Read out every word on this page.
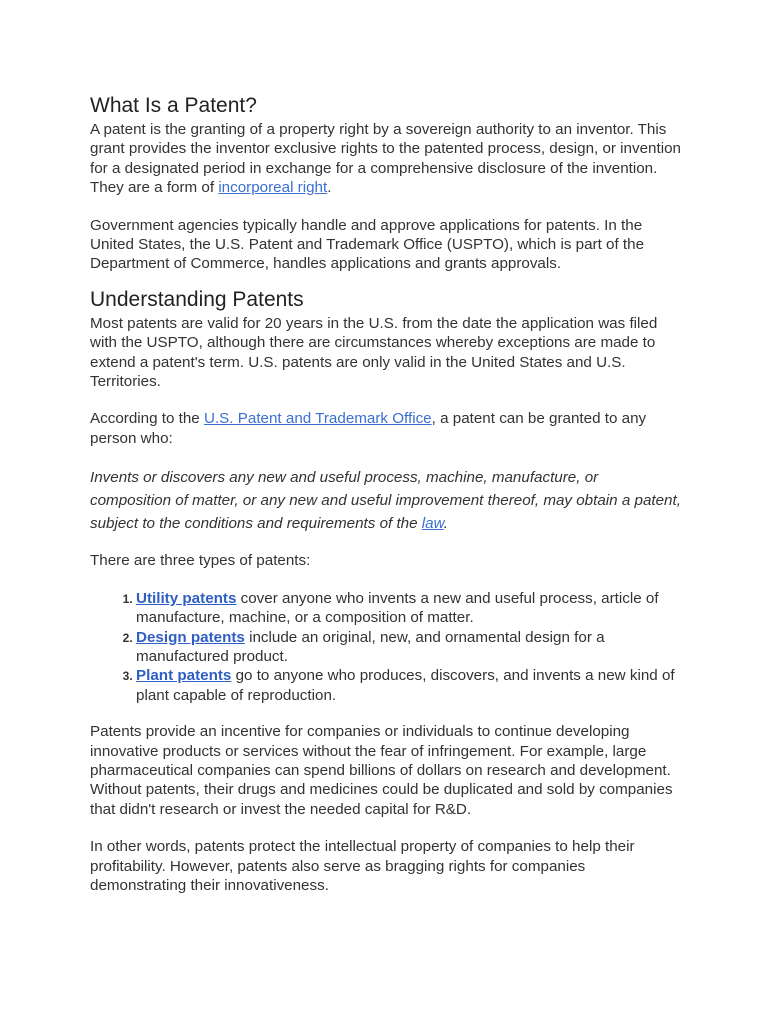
What Is a Patent?

A patent is the granting of a property right by a sovereign authority to an inventor. This grant provides the inventor exclusive rights to the patented process, design, or invention for a designated period in exchange for a comprehensive disclosure of the invention. They are a form of incorporeal right.

Government agencies typically handle and approve applications for patents. In the United States, the U.S. Patent and Trademark Office (USPTO), which is part of the Department of Commerce, handles applications and grants approvals.

Understanding Patents

Most patents are valid for 20 years in the U.S. from the date the application was filed with the USPTO, although there are circumstances whereby exceptions are made to extend a patent's term. U.S. patents are only valid in the United States and U.S. Territories.

According to the U.S. Patent and Trademark Office, a patent can be granted to any person who:

Invents or discovers any new and useful process, machine, manufacture, or composition of matter, or any new and useful improvement thereof, may obtain a patent, subject to the conditions and requirements of the law.

There are three types of patents:

1. Utility patents cover anyone who invents a new and useful process, article of manufacture, machine, or a composition of matter.
2. Design patents include an original, new, and ornamental design for a manufactured product.
3. Plant patents go to anyone who produces, discovers, and invents a new kind of plant capable of reproduction.

Patents provide an incentive for companies or individuals to continue developing innovative products or services without the fear of infringement. For example, large pharmaceutical companies can spend billions of dollars on research and development. Without patents, their drugs and medicines could be duplicated and sold by companies that didn't research or invest the needed capital for R&D.

In other words, patents protect the intellectual property of companies to help their profitability. However, patents also serve as bragging rights for companies demonstrating their innovativeness.
